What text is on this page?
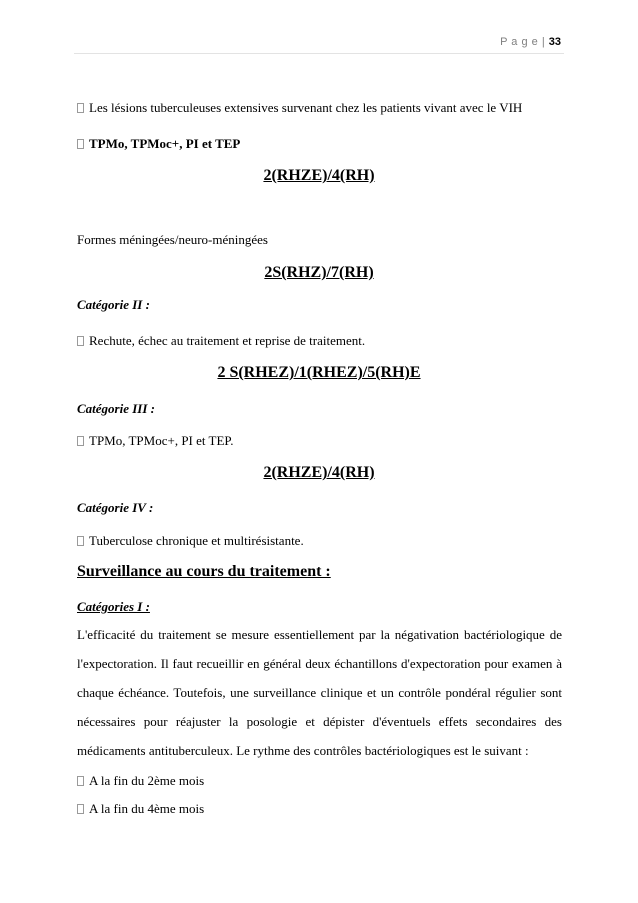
P a g e | 33
Les lésions tuberculeuses extensives survenant chez les patients vivant avec le VIH
TPMo, TPMoc+, PI et TEP
2(RHZE)/4(RH)
Formes méningées/neuro-méningées
2S(RHZ)/7(RH)
Catégorie II :
Rechute, échec au traitement et reprise de traitement.
2 S(RHEZ)/1(RHEZ)/5(RH)E
Catégorie III :
TPMo, TPMoc+, PI et TEP.
2(RHZE)/4(RH)
Catégorie IV :
Tuberculose chronique et multirésistante.
Surveillance au cours du traitement :
Catégories I :
L'efficacité du traitement se mesure essentiellement par la négativation bactériologique de
l'expectoration. Il faut recueillir en général deux échantillons d'expectoration pour examen à
chaque échéance. Toutefois, une surveillance clinique et un contrôle pondéral régulier sont
nécessaires pour réajuster la posologie et dépister d'éventuels effets secondaires des
médicaments antituberculeux. Le rythme des contrôles bactériologiques est le suivant :
A la fin du 2ème mois
A la fin du 4ème mois
